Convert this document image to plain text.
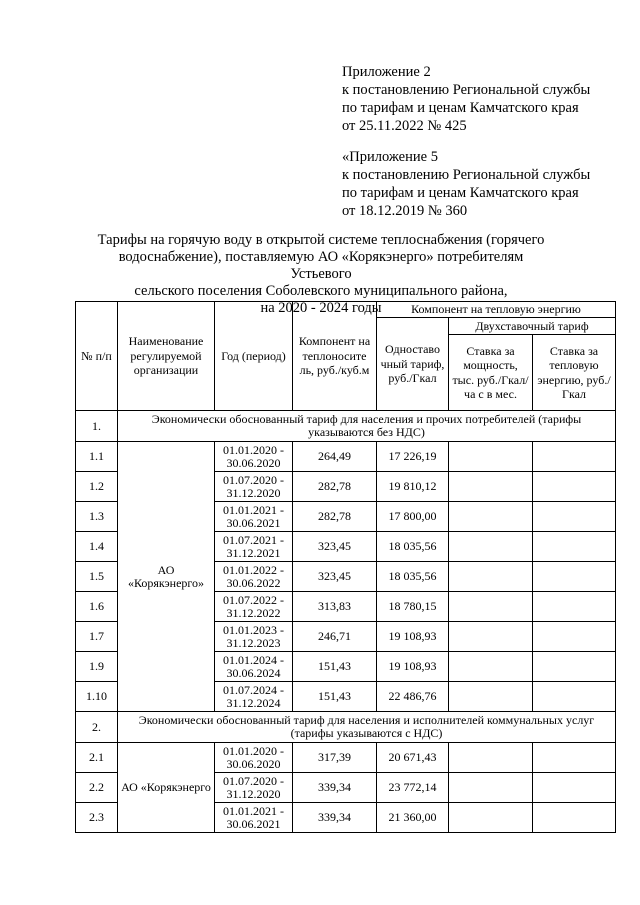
Приложение 2
к постановлению Региональной службы
по тарифам и ценам Камчатского края
от 25.11.2022 № 425
«Приложение 5
к постановлению Региональной службы
по тарифам и ценам Камчатского края
от 18.12.2019 № 360
Тарифы на горячую воду в открытой системе теплоснабжения (горячего
водоснабжение), поставляемую АО «Корякэнерго» потребителям Устьевого
сельского поселения Соболевского муниципального района,
на 2020 - 2024 годы
№ п/п	Наименование регулируемой организации	Год (период)	Компонент на теплоносите ль, руб./куб.м	Компонент на тепловую энергию		
				Одноставо чный тариф, руб./Гкал	Двухставочный тариф	
					Ставка за мощность, тыс. руб./Гкал/ча с в мес.	Ставка за тепловую энергию, руб./Гкал
1.	Экономически обоснованный тариф для населения и прочих потребителей (тарифы указываются без НДС)					
1.1	АО «Корякэнерго»	01.01.2020 - 30.06.2020	264,49	17 226,19		
1.2		01.07.2020 - 31.12.2020	282,78	19 810,12		
1.3		01.01.2021 - 30.06.2021	282,78	17 800,00		
1.4		01.07.2021 - 31.12.2021	323,45	18 035,56		
1.5		01.01.2022 - 30.06.2022	323,45	18 035,56		
1.6		01.07.2022 - 31.12.2022	313,83	18 780,15		
1.7		01.01.2023 - 31.12.2023	246,71	19 108,93		
1.9		01.01.2024 - 30.06.2024	151,43	19 108,93		
1.10		01.07.2024 - 31.12.2024	151,43	22 486,76		
2.	Экономически обоснованный тариф для населения и исполнителей коммунальных услуг (тарифы указываются с НДС)					
2.1	АО «Корякэнерго	01.01.2020 - 30.06.2020	317,39	20 671,43		
2.2		01.07.2020 - 31.12.2020	339,34	23 772,14		
2.3		01.01.2021 - 30.06.2021	339,34	21 360,00		
